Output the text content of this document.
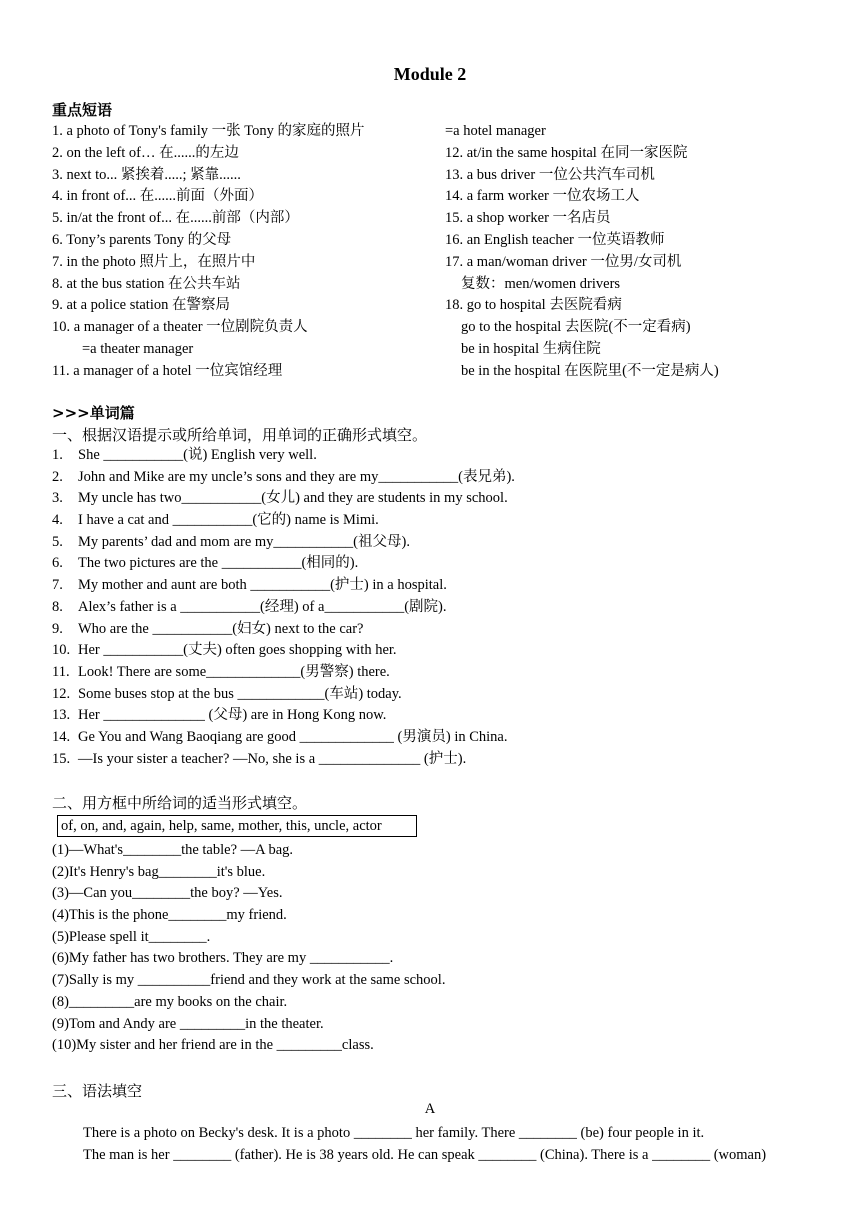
Module 2
重点短语
1. a photo of Tony's family 一张 Tony 的家庭的照片
2. on the left of… 在......的左边
3. next to... 紧挨着.....; 紧靠......
4. in front of... 在......前面（外面）
5. in/at the front of... 在......前部（内部）
6. Tony’s parents Tony 的父母
7. in the photo 照片上，在照片中
8. at the bus station 在公共车站
9. at a police station 在警察局
10. a manager of a theater 一位剧院负责人
=a theater manager
11. a manager of a hotel 一位宾馆经理
=a hotel manager
12. at/in the same hospital 在同一家医院
13. a bus driver 一位公共汽车司机
14. a farm worker 一位农场工人
15. a shop worker 一名店员
16. an English teacher 一位英语教师
17. a man/woman driver 一位男/女司机
复数：men/women drivers
18. go to hospital 去医院看病
go to the hospital 去医院(不一定看病)
be in hospital 生病住院
be in the hospital 在医院里(不一定是病人)
>>>单词篇
一、根据汉语提示或所给单词，用单词的正确形式填空。
1. She ___________(说) English very well.
2. John and Mike are my uncle’s sons and they are my___________(表兄弟).
3. My uncle has two___________(女儿) and they are students in my school.
4. I have a cat and ___________(它的) name is Mimi.
5. My parents’ dad and mom are my___________(祖父母).
6. The two pictures are the ___________(相同的).
7. My mother and aunt are both ___________(护士) in a hospital.
8. Alex’s father is a ___________(经理) of a___________(剧院).
9. Who are the ___________(妇女) next to the car?
10. Her ___________(丈夫) often goes shopping with her.
11. Look! There are some_____________(男警察) there.
12. Some buses stop at the bus ____________(车站) today.
13. Her ______________ (父母) are in Hong Kong now.
14. Ge You and Wang Baoqiang are good _____________ (男演员) in China.
15. —Is your sister a teacher? —No, she is a ______________ (护士).
二、用方框中所给词的适当形式填空。
of, on, and, again, help, same, mother, this, uncle, actor
(1)—What's________the table? —A bag.
(2)It's Henry's bag________it's blue.
(3)—Can you________the boy? —Yes.
(4)This is the phone________my friend.
(5)Please spell it________.
(6)My father has two brothers. They are my ___________.
(7)Sally is my __________friend and they work at the same school.
(8)_________are my books on the chair.
(9)Tom and Andy are _________in the theater.
(10)My sister and her friend are in the _________class.
三、语法填空
A
There is a photo on Becky's desk. It is a photo ________ her family. There ________ (be) four people in it.
The man is her ________ (father). He is 38 years old. He can speak ________ (China). There is a ________ (woman)
